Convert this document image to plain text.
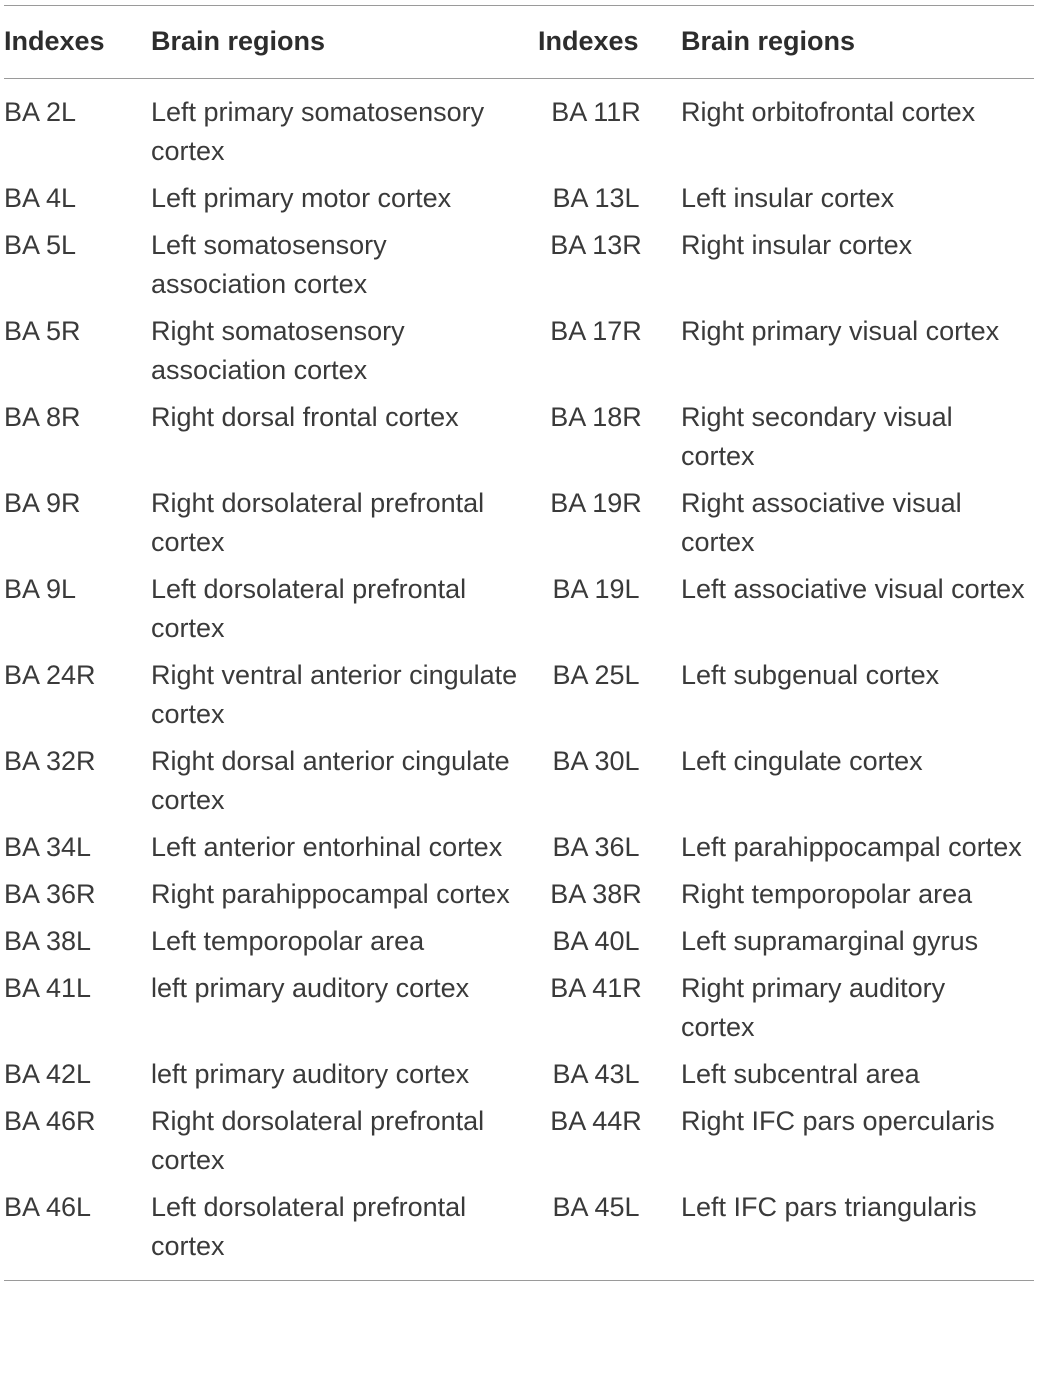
Indexes	Brain regions	Indexes	Brain regions
BA 2L	Left primary somatosensory cortex	BA 11R	Right orbitofrontal cortex
BA 4L	Left primary motor cortex	BA 13L	Left insular cortex
BA 5L	Left somatosensory association cortex	BA 13R	Right insular cortex
BA 5R	Right somatosensory association cortex	BA 17R	Right primary visual cortex
BA 8R	Right dorsal frontal cortex	BA 18R	Right secondary visual cortex
BA 9R	Right dorsolateral prefrontal cortex	BA 19R	Right associative visual cortex
BA 9L	Left dorsolateral prefrontal cortex	BA 19L	Left associative visual cortex
BA 24R	Right ventral anterior cingulate cortex	BA 25L	Left subgenual cortex
BA 32R	Right dorsal anterior cingulate cortex	BA 30L	Left cingulate cortex
BA 34L	Left anterior entorhinal cortex	BA 36L	Left parahippocampal cortex
BA 36R	Right parahippocampal cortex	BA 38R	Right temporopolar area
BA 38L	Left temporopolar area	BA 40L	Left supramarginal gyrus
BA 41L	left primary auditory cortex	BA 41R	Right primary auditory cortex
BA 42L	left primary auditory cortex	BA 43L	Left subcentral area
BA 46R	Right dorsolateral prefrontal cortex	BA 44R	Right IFC pars opercularis
BA 46L	Left dorsolateral prefrontal cortex	BA 45L	Left IFC pars triangularis
